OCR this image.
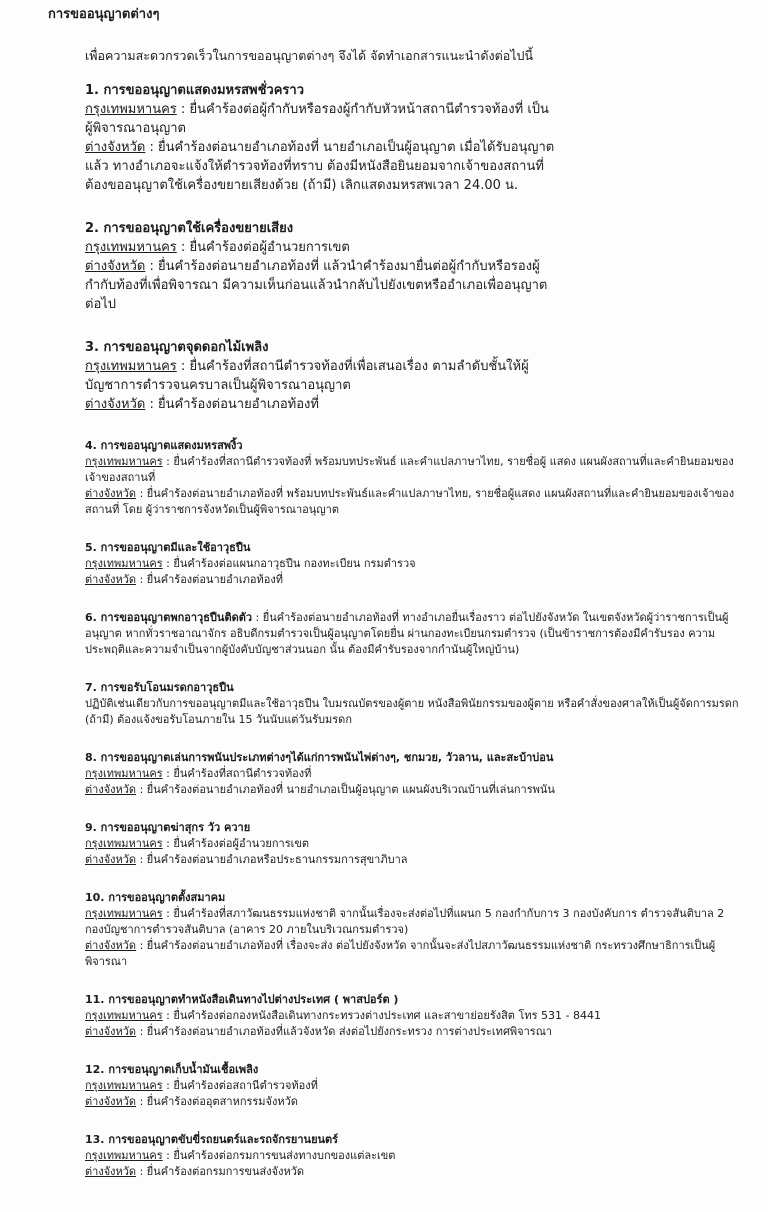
การขออนุญาตต่างๆ

เพื่อความสะดวกรวดเร็วในการขออนุญาตต่างๆ จึงได้ จัดทำเอกสารแนะนำดังต่อไปนี้

1. การขออนุญาตแสดงมหรสพชั่วคราว

กรุงเทพมหานคร : ยื่นคำร้องต่อผู้กำกับหรือรองผู้กำกับหัวหน้าสถานีตำรวจท้องที่ เป็นผู้พิจารณาอนุญาต

ต่างจังหวัด : ยื่นคำร้องต่อนายอำเภอท้องที่ นายอำเภอเป็นผู้อนุญาต เมื่อได้รับอนุญาตแล้ว ทางอำเภอจะแจ้งให้ตำรวจท้องที่ทราบ ต้องมีหนังสือยินยอมจากเจ้าของสถานที่ ต้องขออนุญาตใช้เครื่องขยายเสียงด้วย (ถ้ามี) เลิกแสดงมหรสพเวลา 24.00 น.

2. การขออนุญาตใช้เครื่องขยายเสียง

กรุงเทพมหานคร : ยื่นคำร้องต่อผู้อำนวยการเขต

ต่างจังหวัด : ยื่นคำร้องต่อนายอำเภอท้องที่ แล้วนำคำร้องมายื่นต่อผู้กำกับหรือรองผู้กำกับท้องที่เพื่อพิจารณา มีความเห็นก่อนแล้วนำกลับไปยังเขตหรืออำเภอเพื่ออนุญาตต่อไป

3. การขออนุญาตจุดดอกไม้เพลิง

กรุงเทพมหานคร : ยื่นคำร้องที่สถานีตำรวจท้องที่เพื่อเสนอเรื่อง ตามลำดับชั้นให้ผู้บัญชาการตำรวจนครบาลเป็นผู้พิจารณาอนุญาต

ต่างจังหวัด : ยื่นคำร้องต่อนายอำเภอท้องที่

4. การขออนุญาตแสดงมหรสพงิ้ว

กรุงเทพมหานคร : ยื่นคำร้องที่สถานีตำรวจท้องที่ พร้อมบทประพันธ์ และคำแปลภาษาไทย, รายชื่อผู้ แสดง แผนผังสถานที่และคำยินยอมของเจ้าของสถานที่

ต่างจังหวัด : ยื่นคำร้องต่อนายอำเภอท้องที่ พร้อมบทประพันธ์และคำแปลภาษาไทย, รายชื่อผู้แสดง แผนผังสถานที่และคำยินยอมของเจ้าของสถานที่ โดย ผู้ว่าราชการจังหวัดเป็นผู้พิจารณาอนุญาต

5. การขออนุญาตมีและใช้อาวุธปืน

กรุงเทพมหานคร : ยื่นคำร้องต่อแผนกอาวุธปืน กองทะเบียน กรมตำรวจ

ต่างจังหวัด : ยื่นคำร้องต่อนายอำเภอท้องที่

6. การขออนุญาตพกอาวุธปืนติดตัว : ยื่นคำร้องต่อนายอำเภอท้องที่ ทางอำเภอยื่นเรื่องราว ต่อไปยังจังหวัด ในเขตจังหวัดผู้ว่าราชการเป็นผู้อนุญาต หากทั่วราชอาณาจักร อธิบดีกรมตำรวจเป็นผู้อนุญาตโดยยื่น ผ่านกองทะเบียนกรมตำรวจ (เป็นข้าราชการต้องมีคำรับรอง ความประพฤติและความจำเป็นจากผู้บังคับบัญชาส่วนนอก นั้น ต้องมีคำรับรองจากกำนันผู้ใหญ่บ้าน)

7. การขอรับโอนมรดกอาวุธปืน

ปฏิบัติเช่นเดียวกับการขออนุญาตมีและใช้อาวุธปืน ใบมรณบัตรของผู้ตาย หนังสือพินัยกรรมของผู้ตาย หรือคำสั่งของศาลให้เป็นผู้จัดการมรดก (ถ้ามี) ต้องแจ้งขอรับโอนภายใน 15 วันนับแต่วันรับมรดก

8. การขออนุญาตเล่นการพนันประเภทต่างๆได้แก่การพนันไพ่ต่างๆ, ชกมวย, วัวลาน, และสะบ้าบ่อน

กรุงเทพมหานคร : ยื่นคำร้องที่สถานีตำรวจท้องที่

ต่างจังหวัด : ยื่นคำร้องต่อนายอำเภอท้องที่ นายอำเภอเป็นผู้อนุญาต แผนผังบริเวณบ้านที่เล่นการพนัน

9. การขออนุญาตฆ่าสุกร วัว ควาย

กรุงเทพมหานคร : ยื่นคำร้องต่อผู้อำนวยการเขต

ต่างจังหวัด : ยื่นคำร้องต่อนายอำเภอหรือประธานกรรมการสุขาภิบาล

10. การขออนุญาตตั้งสมาคม

กรุงเทพมหานคร : ยื่นคำร้องที่สภาวัฒนธรรมแห่งชาติ จากนั้นเรื่องจะส่งต่อไปที่แผนก 5 กองกำกับการ 3 กองบังคับการ ตำรวจสันติบาล 2 กองบัญชาการตำรวจสันติบาล (อาคาร 20 ภายในบริเวณกรมตำรวจ)

ต่างจังหวัด : ยื่นคำร้องต่อนายอำเภอท้องที่ เรื่องจะส่ง ต่อไปยังจังหวัด จากนั้นจะส่งไปสภาวัฒนธรรมแห่งชาติ กระทรวงศึกษาธิการเป็นผู้พิจารณา

11. การขออนุญาตทำหนังสือเดินทางไปต่างประเทศ ( พาสปอร์ต )

กรุงเทพมหานคร : ยื่นคำร้องต่อกองหนังสือเดินทางกระทรวงต่างประเทศ และสาขาย่อยรังสิต โทร 531 - 8441

ต่างจังหวัด : ยื่นคำร้องต่อนายอำเภอท้องที่แล้วจังหวัด ส่งต่อไปยังกระทรวง การต่างประเทศพิจารณา

12. การขอนุญาตเก็บน้ำมันเชื้อเพลิง

กรุงเทพมหานคร : ยื่นคำร้องต่อสถานีตำรวจท้องที่

ต่างจังหวัด : ยื่นคำร้องต่ออุตสาหกรรมจังหวัด

13. การขออนุญาตขับขี่รถยนตร์และรถจักรยานยนตร์

กรุงเทพมหานคร : ยื่นคำร้องต่อกรมการขนส่งทางบกของแต่ละเขต

ต่างจังหวัด : ยื่นคำร้องต่อกรมการขนส่งจังหวัด
